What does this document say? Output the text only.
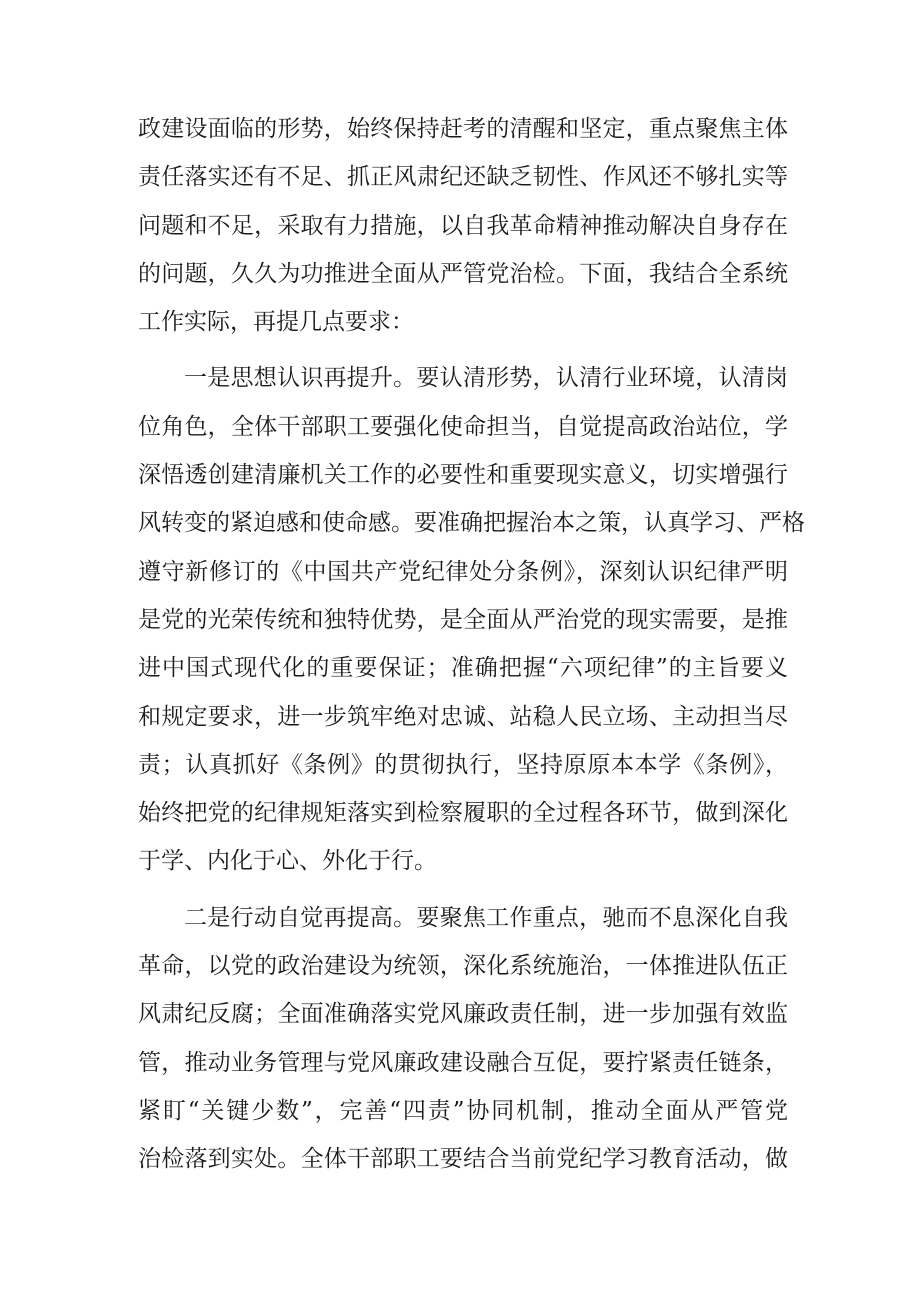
政建设面临的形势，始终保持赶考的清醒和坚定，重点聚焦主体
责任落实还有不足、抓正风肃纪还缺乏韧性、作风还不够扎实等
问题和不足，采取有力措施，以自我革命精神推动解决自身存在
的问题，久久为功推进全面从严管党治检。下面，我结合全系统
工作实际，再提几点要求：
一是思想认识再提升。要认清形势，认清行业环境，认清岗
位角色，全体干部职工要强化使命担当，自觉提高政治站位，学
深悟透创建清廉机关工作的必要性和重要现实意义，切实增强行
风转变的紧迫感和使命感。要准确把握治本之策，认真学习、严格
遵守新修订的《中国共产党纪律处分条例》，深刻认识纪律严明
是党的光荣传统和独特优势，是全面从严治党的现实需要，是推
进中国式现代化的重要保证；准确把握“六项纪律”的主旨要义
和规定要求，进一步筑牢绝对忠诚、站稳人民立场、主动担当尽
责；认真抓好《条例》的贯彻执行，坚持原原本本学《条例》，
始终把党的纪律规矩落实到检察履职的全过程各环节，做到深化
于学、内化于心、外化于行。
二是行动自觉再提高。要聚焦工作重点，驰而不息深化自我
革命，以党的政治建设为统领，深化系统施治，一体推进队伍正
风肃纪反腐；全面准确落实党风廉政责任制，进一步加强有效监
管，推动业务管理与党风廉政建设融合互促，要拧紧责任链条，
紧盯“关键少数”，完善“四责”协同机制，推动全面从严管党
治检落到实处。全体干部职工要结合当前党纪学习教育活动，做
